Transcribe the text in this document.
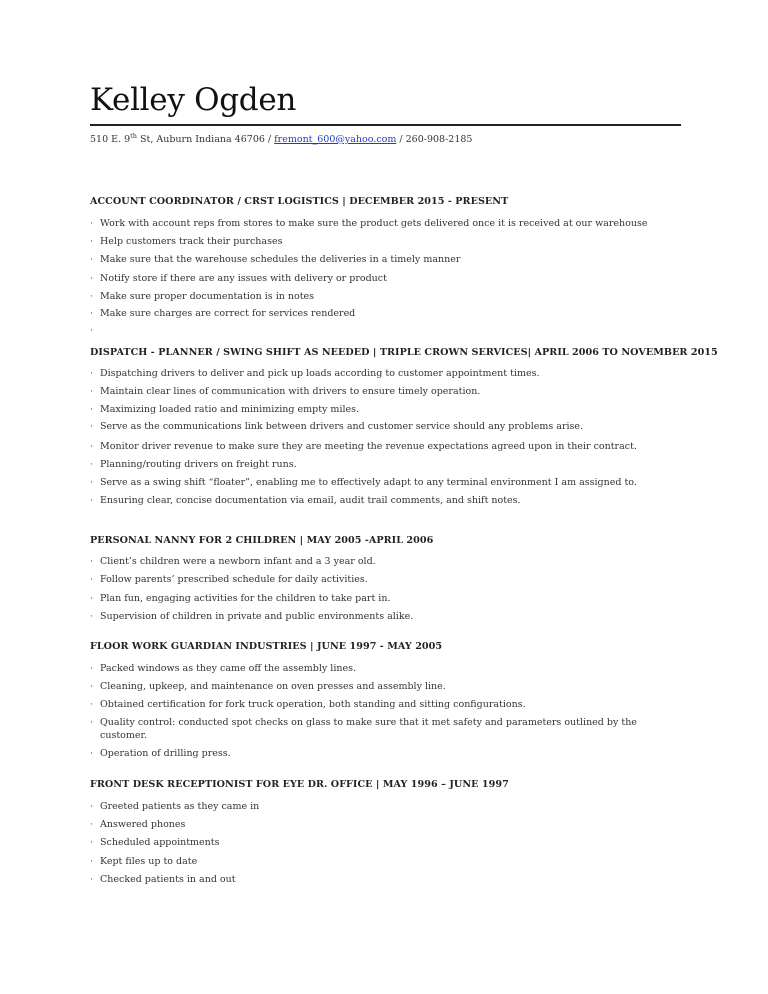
Kelley Ogden
510 E. 9th St, Auburn Indiana 46706 / fremont_600@yahoo.com / 260-908-2185
ACCOUNT COORDINATOR / CRST LOGISTICS | DECEMBER 2015 - PRESENT
· Work with account reps from stores to make sure the product gets delivered once it is received at our warehouse
· Help customers track their purchases
· Make sure that the warehouse schedules the deliveries in a timely manner
· Notify store if there are any issues with delivery or product
· Make sure proper documentation is in notes
· Make sure charges are correct for services rendered
·
DISPATCH - PLANNER / SWING SHIFT AS NEEDED | TRIPLE CROWN SERVICES| APRIL 2006 TO NOVEMBER 2015
· Dispatching drivers to deliver and pick up loads according to customer appointment times.
· Maintain clear lines of communication with drivers to ensure timely operation.
· Maximizing loaded ratio and minimizing empty miles.
· Serve as the communications link between drivers and customer service should any problems arise.
· Monitor driver revenue to make sure they are meeting the revenue expectations agreed upon in their contract.
· Planning/routing drivers on freight runs.
· Serve as a swing shift “floater”, enabling me to effectively adapt to any terminal environment I am assigned to.
· Ensuring clear, concise documentation via email, audit trail comments, and shift notes.
PERSONAL NANNY FOR 2 CHILDREN | MAY 2005 -APRIL 2006
· Client’s children were a newborn infant and a 3 year old.
· Follow parents’ prescribed schedule for daily activities.
· Plan fun, engaging activities for the children to take part in.
· Supervision of children in private and public environments alike.
FLOOR WORK GUARDIAN INDUSTRIES | JUNE 1997 - MAY 2005
· Packed windows as they came off the assembly lines.
· Cleaning, upkeep, and maintenance on oven presses and assembly line.
· Obtained certification for fork truck operation, both standing and sitting configurations.
· Quality control: conducted spot checks on glass to make sure that it met safety and parameters outlined by the customer.
· Operation of drilling press.
FRONT DESK RECEPTIONIST FOR EYE DR. OFFICE | MAY 1996 – JUNE 1997
· Greeted patients as they came in
· Answered phones
· Scheduled appointments
· Kept files up to date
· Checked patients in and out
